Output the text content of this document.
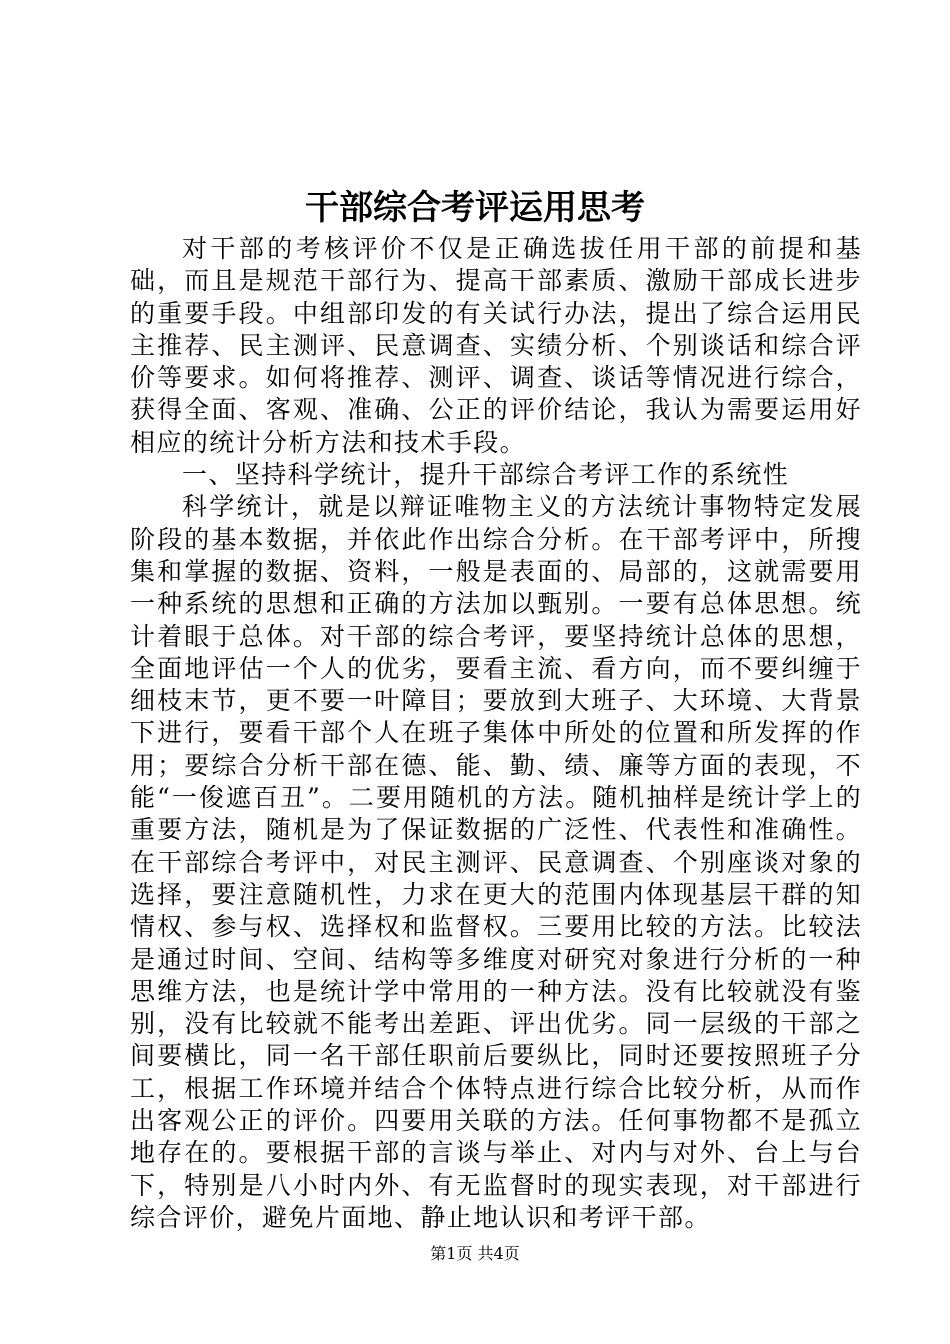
干部综合考评运用思考

对干部的考核评价不仅是正确选拔任用干部的前提和基础，而且是规范干部行为、提高干部素质、激励干部成长进步的重要手段。中组部印发的有关试行办法，提出了综合运用民主推荐、民主测评、民意调查、实绩分析、个别谈话和综合评价等要求。如何将推荐、测评、调查、谈话等情况进行综合，获得全面、客观、准确、公正的评价结论，我认为需要运用好相应的统计分析方法和技术手段。

一、坚持科学统计，提升干部综合考评工作的系统性

科学统计，就是以辩证唯物主义的方法统计事物特定发展阶段的基本数据，并依此作出综合分析。在干部考评中，所搜集和掌握的数据、资料，一般是表面的、局部的，这就需要用一种系统的思想和正确的方法加以甄别。一要有总体思想。统计着眼于总体。对干部的综合考评，要坚持统计总体的思想，全面地评估一个人的优劣，要看主流、看方向，而不要纠缠于细枝末节，更不要一叶障目；要放到大班子、大环境、大背景下进行，要看干部个人在班子集体中所处的位置和所发挥的作用；要综合分析干部在德、能、勤、绩、廉等方面的表现，不能“一俊遮百丑”。二要用随机的方法。随机抽样是统计学上的重要方法，随机是为了保证数据的广泛性、代表性和准确性。在干部综合考评中，对民主测评、民意调查、个别座谈对象的选择，要注意随机性，力求在更大的范围内体现基层干群的知情权、参与权、选择权和监督权。三要用比较的方法。比较法是通过时间、空间、结构等多维度对研究对象进行分析的一种思维方法，也是统计学中常用的一种方法。没有比较就没有鉴别，没有比较就不能考出差距、评出优劣。同一层级的干部之间要横比，同一名干部任职前后要纵比，同时还要按照班子分工，根据工作环境并结合个体特点进行综合比较分析，从而作出客观公正的评价。四要用关联的方法。任何事物都不是孤立地存在的。要根据干部的言谈与举止、对内与对外、台上与台下，特别是八小时内外、有无监督时的现实表现，对干部进行综合评价，避免片面地、静止地认识和考评干部。

第1页 共4页
